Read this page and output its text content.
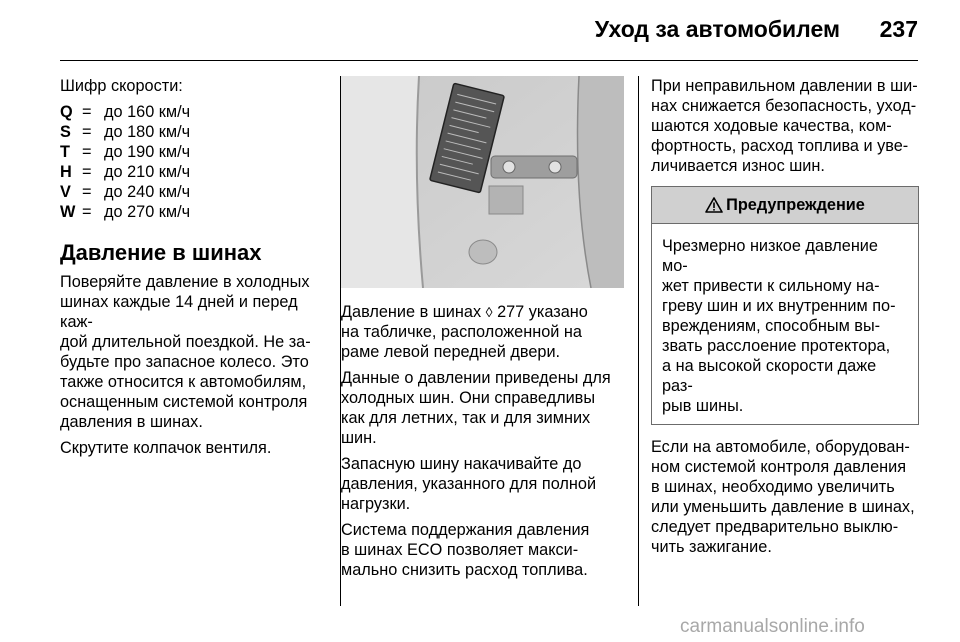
Уход за автомобилем	237

Шифр скорости:

Q	=	до 160 км/ч
S	=	до 180 км/ч
T	=	до 190 км/ч
H	=	до 210 км/ч
V	=	до 240 км/ч
W	=	до 270 км/ч
Давление в шинах

Поверяйте давление в холодных
шинах каждые 14 дней и перед каж-
дой длительной поездкой. Не за-
будьте про запасное колесо. Это
также относится к автомобилям,
оснащенным системой контроля
давления в шинах.

Скрутите колпачок вентиля.

Давление в шинах ◊ 277 указано
на табличке, расположенной на
раме левой передней двери.

Данные о давлении приведены для
холодных шин. Они справедливы
как для летних, так и для зимних
шин.

Запасную шину накачивайте до
давления, указанного для полной
нагрузки.

Система поддержания давления
в шинах ECO позволяет макси-
мально снизить расход топлива.

При неправильном давлении в ши-
нах снижается безопасность, уход-
шаются ходовые качества, ком-
фортность, расход топлива и уве-
личивается износ шин.

Предупреждение

Чрезмерно низкое давление мо-
жет привести к сильному на-
греву шин и их внутренним по-
вреждениям, способным вы-
звать расслоение протектора,
а на высокой скорости даже раз-
рыв шины.

Если на автомобиле, оборудован-
ном системой контроля давления
в шинах, необходимо увеличить
или уменьшить давление в шинах,
следует предварительно выклю-
чить зажигание.

carmanualsonline.info
